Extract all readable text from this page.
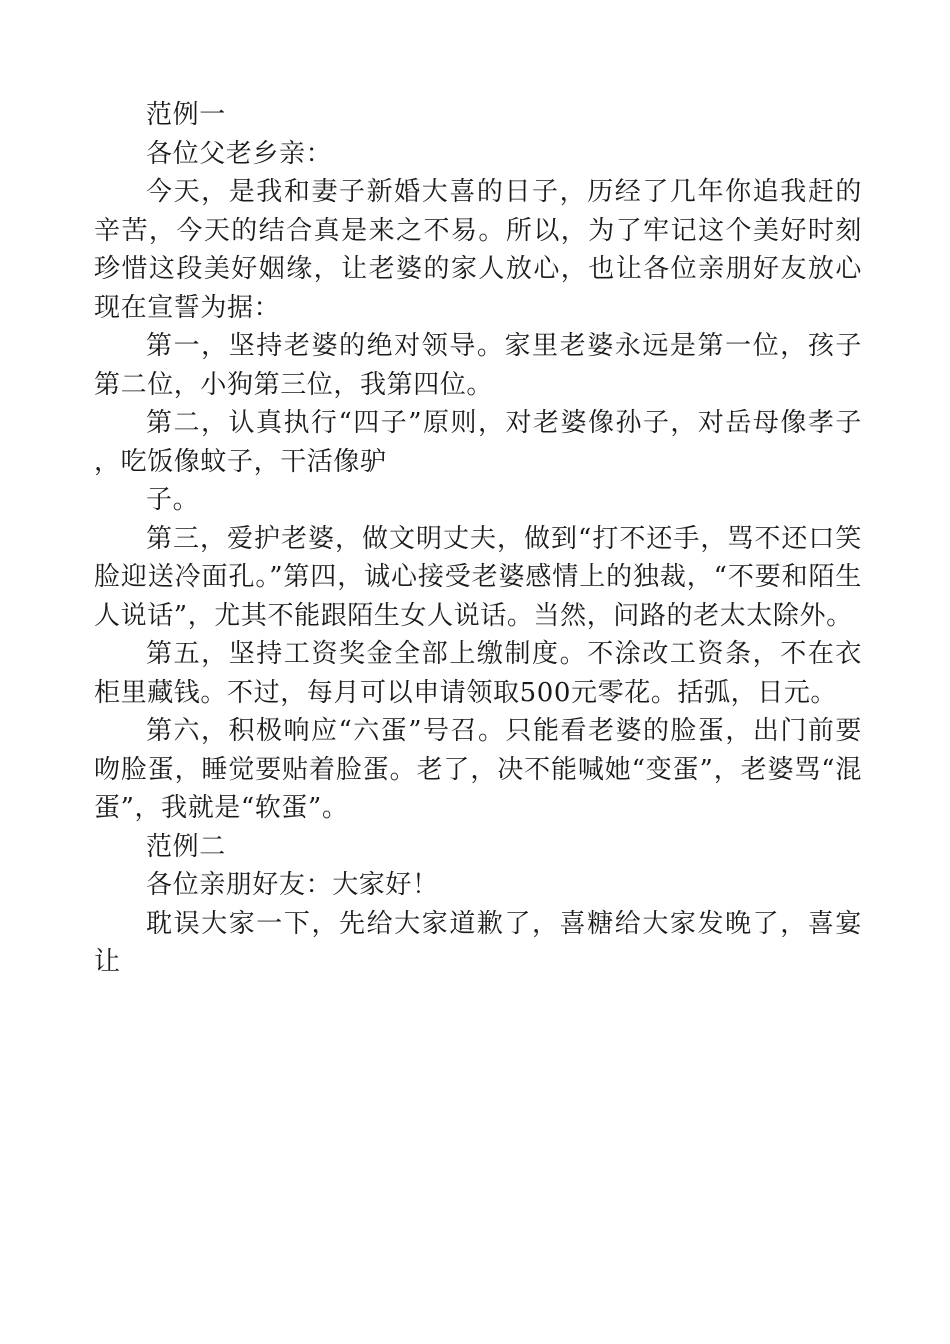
范例一

各位父老乡亲：

今天，是我和妻子新婚大喜的日子，历经了几年你追我赶的辛苦，今天的结合真是来之不易。所以，为了牢记这个美好时刻珍惜这段美好姻缘，让老婆的家人放心，也让各位亲朋好友放心现在宣誓为据：

第一，坚持老婆的绝对领导。家里老婆永远是第一位，孩子第二位，小狗第三位，我第四位。

第二，认真执行“四子”原则，对老婆像孙子，对岳母像孝子，吃饭像蚊子，干活像驴

子。

第三，爱护老婆，做文明丈夫，做到“打不还手，骂不还口笑脸迎送冷面孔。”第四，诚心接受老婆感情上的独裁，“不要和陌生人说话”，尤其不能跟陌生女人说话。当然，问路的老太太除外。

第五，坚持工资奖金全部上缴制度。不涂改工资条，不在衣柜里藏钱。不过，每月可以申请领取500元零花。括弧，日元。

第六，积极响应“六蛋”号召。只能看老婆的脸蛋，出门前要吻脸蛋，睡觉要贴着脸蛋。老了，决不能喊她“变蛋”，老婆骂“混蛋”，我就是“软蛋”。

范例二

各位亲朋好友：大家好！

耽误大家一下，先给大家道歉了，喜糖给大家发晚了，喜宴让
